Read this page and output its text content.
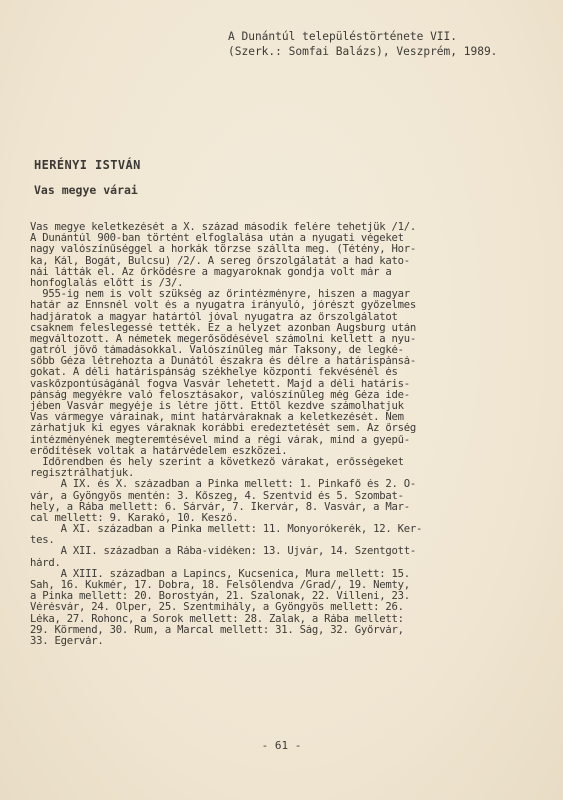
A Dunántúl településtörténete VII.
(Szerk.: Somfai Balázs), Veszprém, 1989.
HERÉNYI ISTVÁN
Vas megye várai
Vas megye keletkezését a X. század második felére tehetjük /1/.
A Dunántúl 900-ban történt elfoglalása után a nyugati végeket
nagy valószínűséggel a horkák törzse szállta meg. (Tétény, Hor-
ka, Kál, Bogát, Bulcsu) /2/. A sereg őrszolgálatát a had kato-
nái látták el. Az őrködésre a magyaroknak gondja volt már a
honfoglalás előtt is /3/.
955-ig nem is volt szükség az őrintézményre, hiszen a magyar
határ az Ennsnél volt és a nyugatra irányuló, jórészt győzelmes
hadjáratok a magyar határtól jóval nyugatra az őrszolgálatot
csaknem feleslegessé tették. Ez a helyzet azonban Augsburg után
megváltozott. A németek megerősödésével számolni kellett a nyu-
gatról jövő támadásokkal. Valószínűleg már Taksony, de legké-
sőbb Géza létrehozta a Dunától északra és délre a határispánsá-
gokat. A déli határispánság székhelye központi fekvésénél és
vaskőzpontúságánál fogva Vasvár lehetett. Majd a déli határis-
pánság megyékre való felosztásakor, valószínűleg még Géza ide-
jében Vasvár megyéje is létre jött. Ettől kezdve számolhatjuk
Vas vármegye várainak, mint határváraknak a keletkezését. Nem
zárhatjuk ki egyes váraknak korábbi eredeztetését sem. Az őrség
intézményének megteremtésével mind a régi várak, mind a gyepű-
erődítések voltak a határvédelem eszközei.
Időrendben és hely szerint a következő várakat, erősségeket
regisztrálhatjuk.
A IX. és X. században a Pinka mellett: 1. Pinkafő és 2. Ó-
vár, a Gyöngyös mentén: 3. Kőszeg, 4. Szentvid és 5. Szombat-
hely, a Rába mellett: 6. Sárvár, 7. Ikervár, 8. Vasvár, a Mar-
cal mellett: 9. Karakó, 10. Kesző.
A XI. században a Pinka mellett: 11. Monyorókerék, 12. Ker-
tes.
A XII. században a Rába-vidéken: 13. Újvár, 14. Szentgott-
hárd.
A XIII. században a Lapincs, Kucsenica, Mura mellett: 15.
Sah, 16. Kukmér, 17. Dobra, 18. Felsőlendva /Grad/, 19. Nemty,
a Pinka mellett: 20. Borostyán, 21. Szalonak, 22. Villeni, 23.
Vérésvár, 24. Olper, 25. Szentmihály, a Gyöngyös mellett: 26.
Léka, 27. Rohonc, a Sorok mellett: 28. Zalak, a Rába mellett:
29. Körmend, 30. Rum, a Marcal mellett: 31. Ság, 32. Győrvár,
33. Egervár.
- 61 -
